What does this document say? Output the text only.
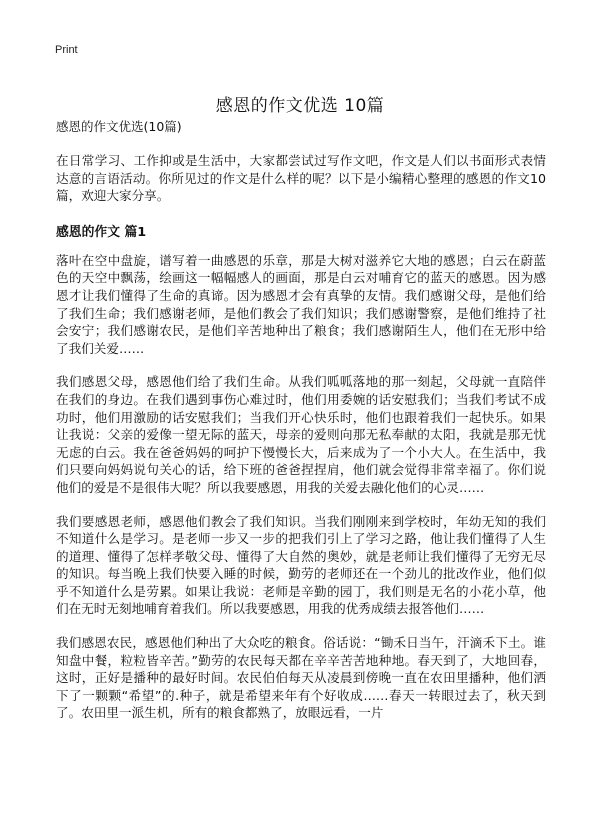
Print
感恩的作文优选 10篇

感恩的作文优选(10篇)

在日常学习、工作抑或是生活中，大家都尝试过写作文吧，作文是人们以书面形式表情达意的言语活动。你所见过的作文是什么样的呢？以下是小编精心整理的感恩的作文10篇，欢迎大家分享。

感恩的作文 篇1

落叶在空中盘旋，谱写着一曲感恩的乐章，那是大树对滋养它大地的感恩；白云在蔚蓝色的天空中飘荡，绘画这一幅幅感人的画面，那是白云对哺育它的蓝天的感恩。因为感恩才让我们懂得了生命的真谛。因为感恩才会有真挚的友情。我们感谢父母，是他们给了我们生命；我们感谢老师，是他们教会了我们知识；我们感谢警察，是他们维持了社会安宁；我们感谢农民，是他们辛苦地种出了粮食；我们感谢陌生人，他们在无形中给了我们关爱……

我们感恩父母，感恩他们给了我们生命。从我们呱呱落地的那一刻起，父母就一直陪伴在我们的身边。在我们遇到事伤心难过时，他们用委婉的话安慰我们；当我们考试不成功时，他们用激励的话安慰我们；当我们开心快乐时，他们也跟着我们一起快乐。如果让我说：父亲的爱像一望无际的蓝天，母亲的爱则向那无私奉献的太阳，我就是那无忧无虑的白云。我在爸爸妈妈的呵护下慢慢长大，后来成为了一个小大人。在生活中，我们只要向妈妈说句关心的话，给下班的爸爸捏捏肩，他们就会觉得非常幸福了。你们说他们的爱是不是很伟大呢？所以我要感恩，用我的关爱去融化他们的心灵……

我们要感恩老师，感恩他们教会了我们知识。当我们刚刚来到学校时，年幼无知的我们不知道什么是学习。是老师一步又一步的把我们引上了学习之路，他让我们懂得了人生的道理、懂得了怎样孝敬父母、懂得了大自然的奥妙，就是老师让我们懂得了无穷无尽的知识。每当晚上我们快要入睡的时候，勤劳的老师还在一个劲儿的批改作业，他们似乎不知道什么是劳累。如果让我说：老师是辛勤的园丁，我们则是无名的小花小草，他们在无时无刻地哺育着我们。所以我要感恩，用我的优秀成绩去报答他们……

我们感恩农民，感恩他们种出了大众吃的粮食。俗话说：“锄禾日当午，汗滴禾下土。谁知盘中餐，粒粒皆辛苦。”勤劳的农民每天都在辛辛苦苦地种地。春天到了，大地回春，这时，正好是播种的最好时间。农民伯伯每天从凌晨到傍晚一直在农田里播种，他们洒下了一颗颗“希望”的.种子，就是希望来年有个好收成……春天一转眼过去了，秋天到了。农田里一派生机，所有的粮食都熟了，放眼远看，一片
